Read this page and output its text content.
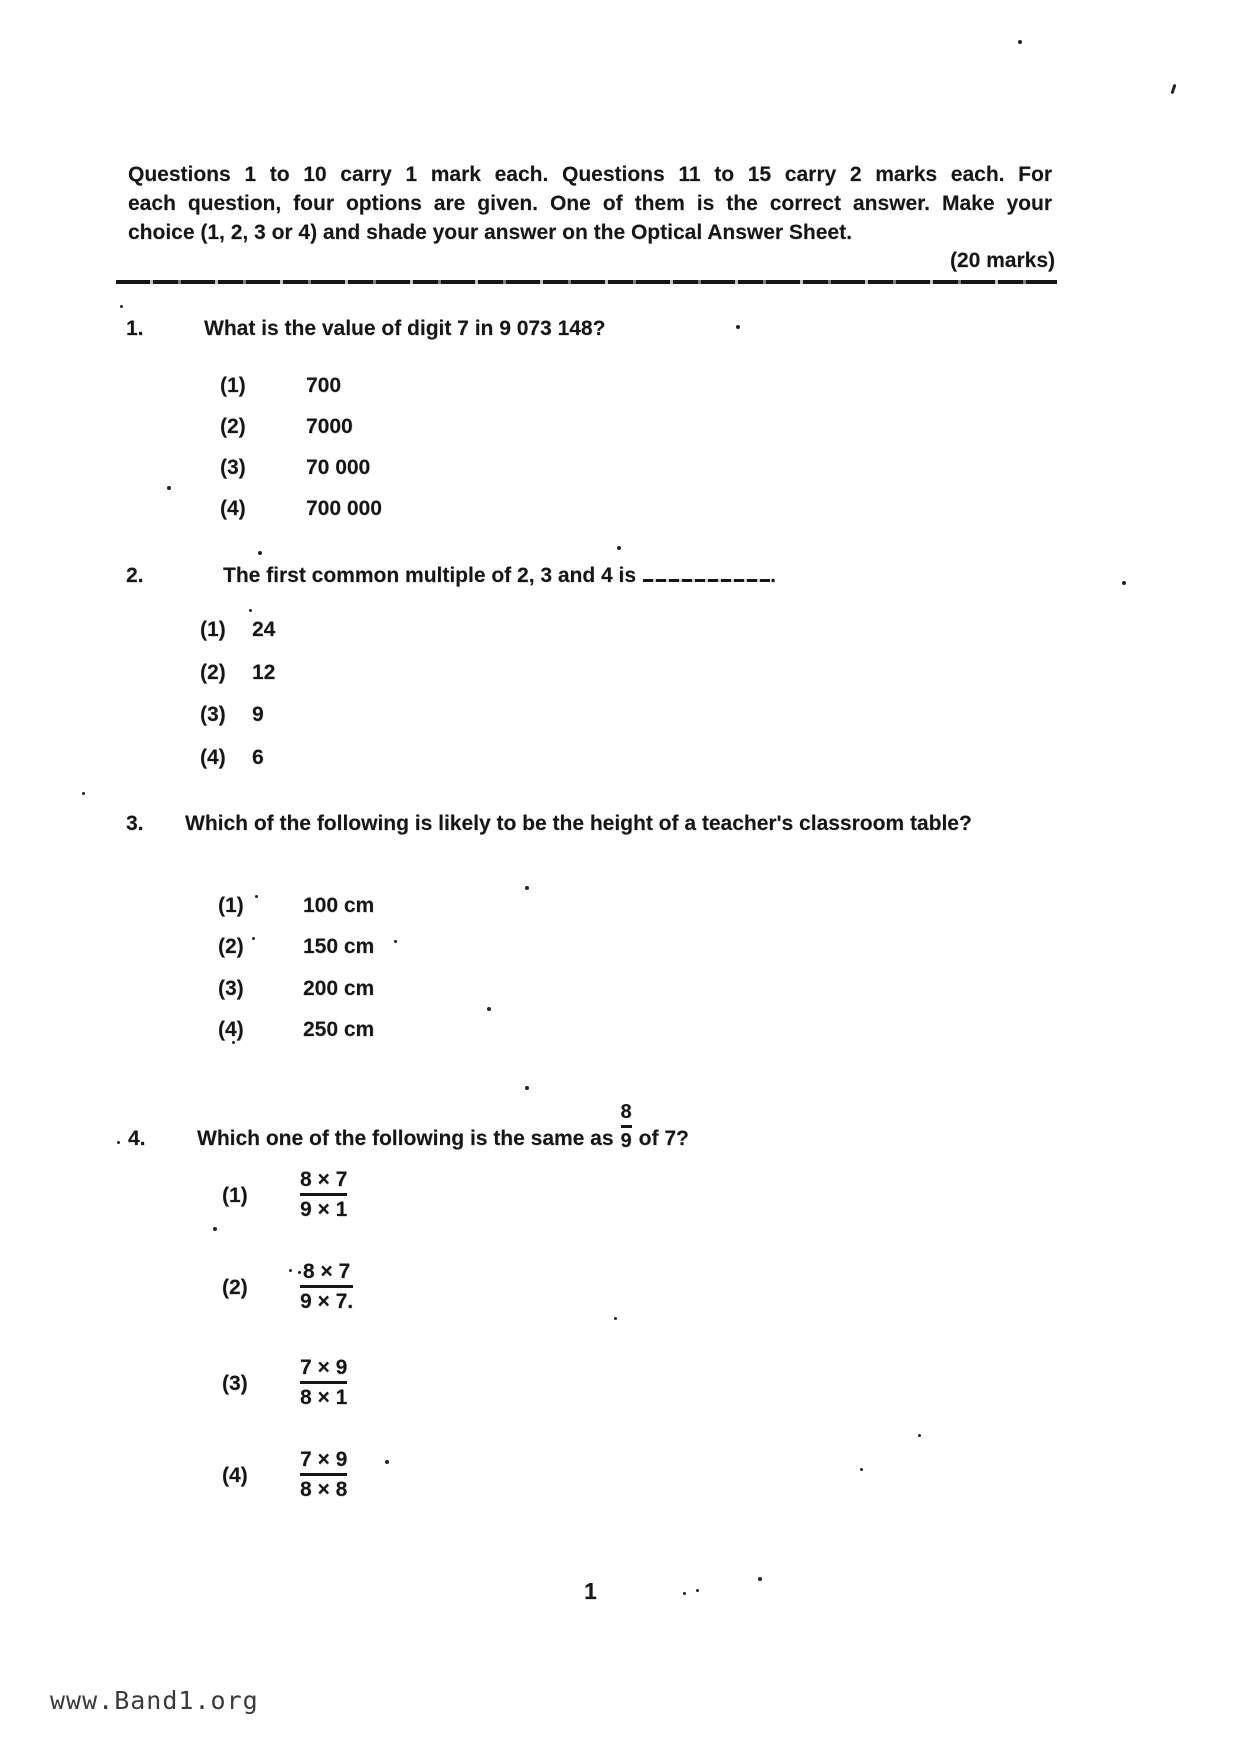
Questions 1 to 10 carry 1 mark each. Questions 11 to 15 carry 2 marks each. For
each question, four options are given. One of them is the correct answer. Make your
choice (1, 2, 3 or 4) and shade your answer on the Optical Answer Sheet.
(20 marks)
1.	What is the value of digit 7 in 9 073 148?
(1)	700
(2)	7000
(3)	70 000
(4)	700 000
2.	The first common multiple of 2, 3 and 4 is	.
(1)	24
(2)	12
(3)	9
(4)	6
3. Which of the following is likely to be the height of a teacher's classroom table?
(1)	100 cm
(2)	150 cm
(3)	200 cm
(4)	250 cm
4. Which one of the following is the same as $\frac{8}{9}$ of 7?
(1)	$\frac{8 \times 7}{9 \times 1}$
(2)	$\frac{8 \times 7}{9 \times 7.}$
(3)	$\frac{7 \times 9}{8 \times 1}$
(4)	$\frac{7 \times 9}{8 \times 8}$
1
www.Band1.org
